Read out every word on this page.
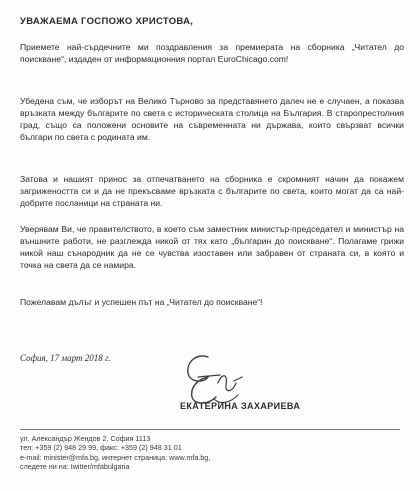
УВАЖАЕМА ГОСПОЖО ХРИСТОВА,

Приемете най-сърдечните ми поздравления за премиерата на сборника „Читател до поискване“, издаден от информационния портал EuroChicago.com!

Убедена съм, че изборът на Велико Търново за представянето далеч не е случаен, а показва връзката между българите по света с историческата столица на България. В старопрестолния град, също са положени основите на съвременната ни държава, които свързват всички българи по света с родината им.

Затова и нашият принос за отпечатването на сборника е скромният начин да покажем загрижеността си и да не прекъсваме връзката с българите по света, които могат да са най-добрите посланици на страната ни.

Уверявам Ви, че правителството, в което съм заместник министър-председател и министър на външните работи, не разглежда никой от тях като „българин до поискване“. Полагаме грижи никой наш сънародник да не се чувства изоставен или забравен от страната си, в която и точка на света да се намира.

Пожелавам дълъг и успешен път на „Читател до поискване“!

София, 17 март 2018 г.
ЕКАТЕРИНА ЗАХАРИЕВА
ул. Александър Жендов 2, София 1113
тел: +359 (2) 948 29 99, факс: +359 (2) 948 31 01
e-mail: minister@mfa.bg, интернет страница: www.mfa.bg,
следете ни на: twitter/mfabulgaria
